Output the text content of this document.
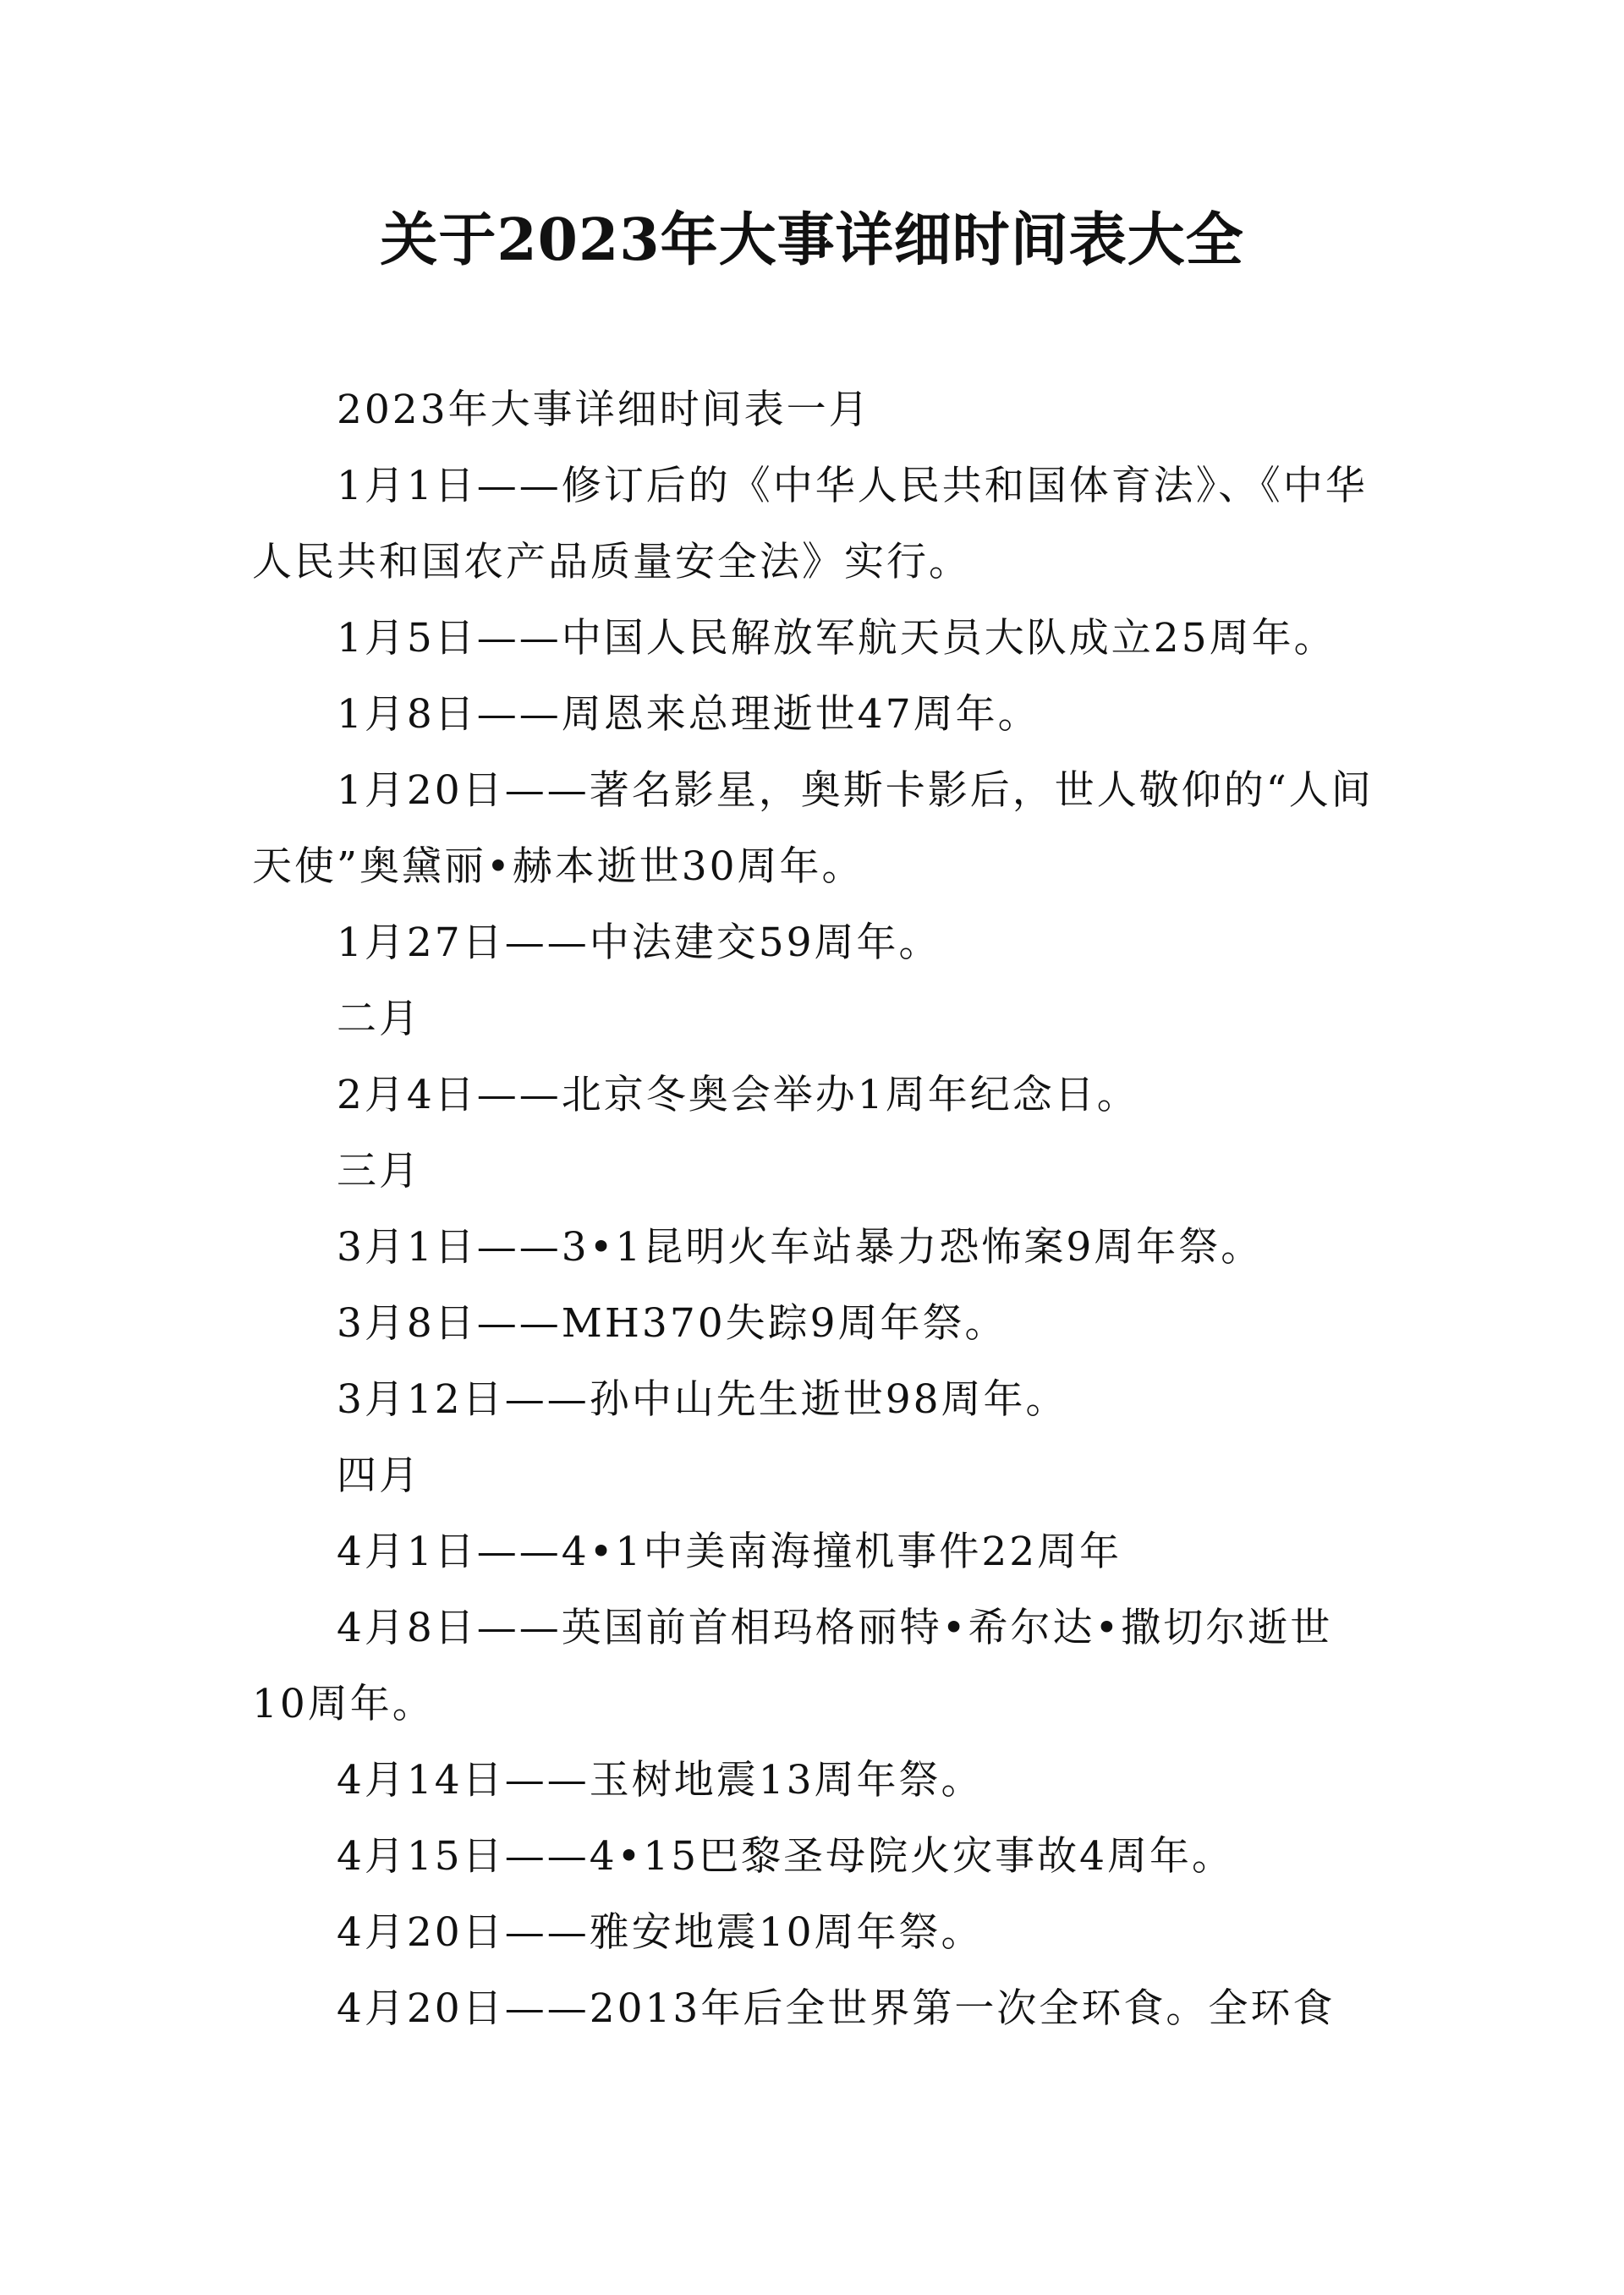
关于2023年大事详细时间表大全

2023年大事详细时间表一月

1月1日——修订后的《中华人民共和国体育法》、《中华人民共和国农产品质量安全法》实行。

1月5日——中国人民解放军航天员大队成立25周年。

1月8日——周恩来总理逝世47周年。

1月20日——著名影星，奥斯卡影后，世人敬仰的“人间天使”奥黛丽•赫本逝世30周年。

1月27日——中法建交59周年。

二月

2月4日——北京冬奥会举办1周年纪念日。

三月

3月1日——3•1昆明火车站暴力恐怖案9周年祭。

3月8日——MH370失踪9周年祭。

3月12日——孙中山先生逝世98周年。

四月

4月1日——4•1中美南海撞机事件22周年

4月8日——英国前首相玛格丽特•希尔达•撒切尔逝世10周年。

4月14日——玉树地震13周年祭。

4月15日——4•15巴黎圣母院火灾事故4周年。

4月20日——雅安地震10周年祭。

4月20日——2013年后全世界第一次全环食。全环食
